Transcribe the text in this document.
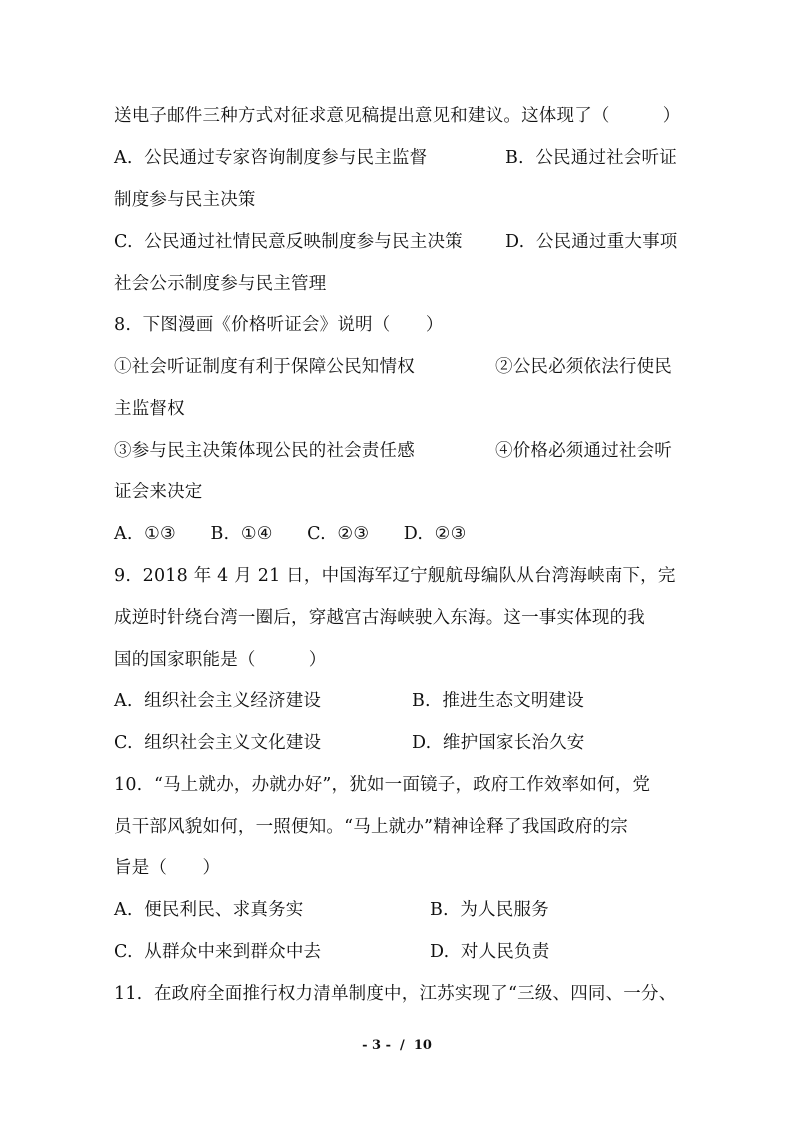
送电子邮件三种方式对征求意见稿提出意见和建议。这体现了（　　　）
A.  公民通过专家咨询制度参与民主监督	B.  公民通过社会听证
制度参与民主决策
C.  公民通过社情民意反映制度参与民主决策 D.  公民通过重大事项
社会公示制度参与民主管理
8.  下图漫画《价格听证会》说明（　　）
①社会听证制度有利于保障公民知情权	②公民必须依法行使民
主监督权
③参与民主决策体现公民的社会责任感	④价格必须通过社会听
证会来决定
A.  ①③      B.  ①④      C.  ②③      D.  ②③
9.  2018 年 4 月 21 日，中国海军辽宁舰航母编队从台湾海峡南下，完
成逆时针绕台湾一圈后，穿越宫古海峡驶入东海。这一事实体现的我
国的国家职能是（　　　）
A.  组织社会主义经济建设	B.  推进生态文明建设
C.  组织社会主义文化建设	D.  维护国家长治久安
10.  “马上就办，办就办好”，犹如一面镜子，政府工作效率如何，党
员干部风貌如何，一照便知。“马上就办”精神诠释了我国政府的宗
旨是（　　）
A.  便民利民、求真务实	B.  为人民服务
C.  从群众中来到群众中去	D.  对人民负责
11.  在政府全面推行权力清单制度中，江苏实现了“三级、四同、一分、
- 3 -  /  10
